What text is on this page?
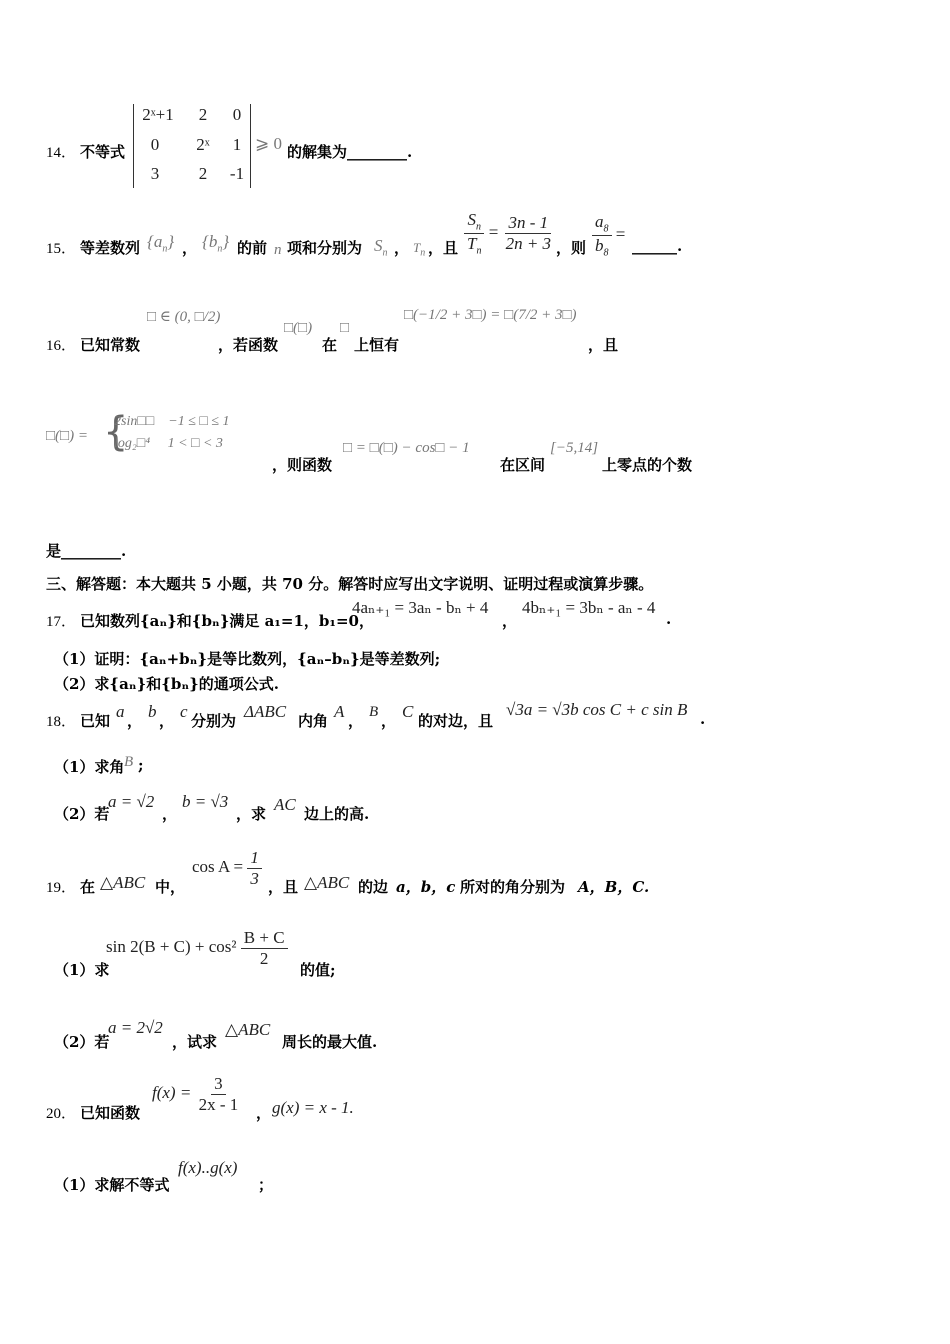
14． 不等式
2ˣ+1	2	0
0	2ˣ	1
3	2	-1
⩾ 0 的解集为________.
15． 等差数列 $\{a_n\}$ ， $\{b_n\}$ 的前 n 项和分别为 $S_n$ ， $T_n$ ，且 $\frac{S_n}{T_n} = \frac{3n - 1}{2n + 3}$ ，则 $\frac{a_8}{b_8}$ =
______.
16． 已知常数
□ ∈ (0, □/2)
，若函数
□(□)
在
□
上恒有
□(−1/2 + 3□) = □(7/2 + 3□)
，且
□(□) = {
2sin□□    −1 ≤ □ ≤ 1
log₂□⁴     1 < □ < 3
，则函数
□ = □(□) − cos□ − 1
在区间
[−5,14]
上零点的个数
是________.
三、解答题：本大题共 5 小题，共 70 分。解答时应写出文字说明、证明过程或演算步骤。
17． 已知数列{aₙ}和{bₙ}满足 a₁=1，b₁=0，
4aₙ₊₁ = 3aₙ - bₙ + 4
，
4bₙ₊₁ = 3bₙ - aₙ - 4
.
（1）证明：{aₙ+bₙ}是等比数列，{aₙ–bₙ}是等差数列;
（2）求{aₙ}和{bₙ}的通项公式.
18． 已知 a ， b ， c 分别为 ΔABC 内角 A ， B ， C 的对边，且
√3a = √3b cos C + c sin B .
（1）求角 B ;
（2）若
a = √2
，
b = √3
，求 AC 边上的高.
19． 在 △ABC 中，
$\cos A = \frac{1}{3}$ ，且 △ABC 的边 a，b，c 所对的角分别为 A，B，C.
（1）求
$\sin 2(B + C) + \cos^2 \frac{B + C}{2}$
的值;
（2）若
a = 2√2
，试求
△ABC
周长的最大值.
20． 已知函数
$f(x) = \frac{3}{2x - 1}$ ， g(x) = x - 1.
（1）求解不等式
f(x)..g(x)
；
